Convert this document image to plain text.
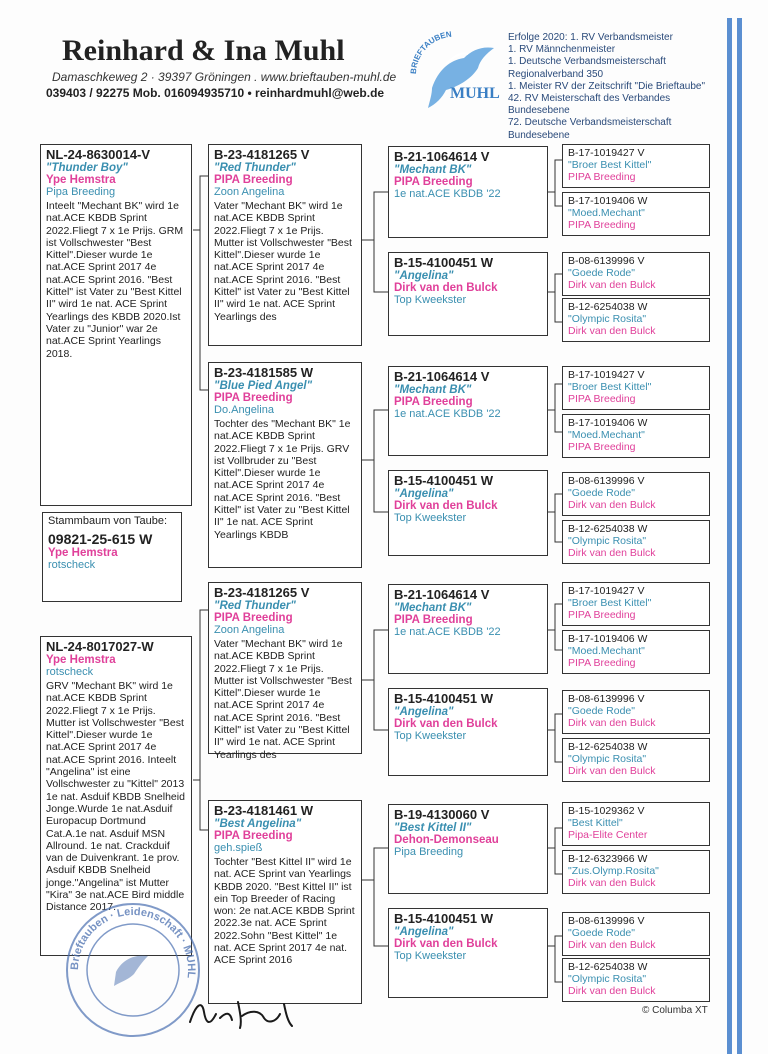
Reinhard & Ina Muhl
Damaschkeweg 2 · 39397 Gröningen . www.brieftauben-muhl.de
039403 / 92275 Mob. 016094935710 • reinhardmuhl@web.de
BRIEFTAUBEN
MUHL
Erfolge 2020: 1. RV Verbandsmeister
1. RV Männchenmeister
1. Deutsche Verbandsmeisterschaft
Regionalverband 350
1. Meister RV der Zeitschrift "Die Brieftaube"
42. RV Meisterschaft des Verbandes
Bundesebene
72. Deutsche Verbandsmeisterschaft
Bundesebene
NL-24-8630014-V
"Thunder Boy"
Ype Hemstra
Pipa Breeding
Inteelt "Mechant BK" wird 1e nat.ACE KBDB Sprint 2022.Fliegt 7 x 1e Prijs. GRM ist Vollschwester "Best Kittel".Dieser wurde 1e nat.ACE Sprint 2017 4e nat.ACE Sprint 2016. "Best Kittel" ist Vater zu "Best Kittel II" wird 1e nat. ACE Sprint Yearlings des KBDB 2020.Ist Vater zu "Junior" war 2e nat.ACE Sprint Yearlings 2018.
Stammbaum von Taube:
09821-25-615 W
Ype Hemstra
rotscheck
NL-24-8017027-W
Ype Hemstra
rotscheck
GRV "Mechant BK" wird 1e nat.ACE KBDB Sprint 2022.Fliegt 7 x 1e Prijs. Mutter ist Vollschwester "Best Kittel".Dieser wurde 1e nat.ACE Sprint 2017 4e nat.ACE Sprint 2016. Inteelt "Angelina" ist eine Vollschwester zu "Kittel" 2013 1e nat. Asduif KBDB Snelheid Jonge.Wurde 1e nat.Asduif Europacup Dortmund Cat.A.1e nat. Asduif MSN Allround. 1e nat. Crackduif van de Duivenkrant. 1e prov. Asduif KBDB Snelheid jonge."Angelina" ist Mutter "Kira" 3e nat.ACE Bird middle Distance 2017.
B-23-4181265 V
"Red Thunder"
PIPA Breeding
Zoon Angelina
Vater "Mechant BK" wird 1e nat.ACE KBDB Sprint 2022.Fliegt 7 x 1e Prijs. Mutter ist Vollschwester "Best Kittel".Dieser wurde 1e nat.ACE Sprint 2017 4e nat.ACE Sprint 2016. "Best Kittel" ist Vater zu "Best Kittel II" wird 1e nat. ACE Sprint Yearlings des
B-23-4181585 W
"Blue Pied Angel"
PIPA Breeding
Do.Angelina
Tochter des "Mechant BK" 1e nat.ACE KBDB Sprint 2022.Fliegt 7 x 1e Prijs. GRV ist Vollbruder zu "Best Kittel".Dieser wurde 1e nat.ACE Sprint 2017 4e nat.ACE Sprint 2016. "Best Kittel" ist Vater zu "Best Kittel II" 1e nat. ACE Sprint Yearlings KBDB
B-23-4181265 V
"Red Thunder"
PIPA Breeding
Zoon Angelina
Vater "Mechant BK" wird 1e nat.ACE KBDB Sprint 2022.Fliegt 7 x 1e Prijs. Mutter ist Vollschwester "Best Kittel".Dieser wurde 1e nat.ACE Sprint 2017 4e nat.ACE Sprint 2016. "Best Kittel" ist Vater zu "Best Kittel II" wird 1e nat. ACE Sprint Yearlings des
B-23-4181461 W
"Best Angelina"
PIPA Breeding
geh.spieß
Tochter "Best Kittel II" wird 1e nat. ACE Sprint van Yearlings KBDB 2020. "Best Kittel II" ist ein Top Breeder of Racing won: 2e nat.ACE KBDB Sprint 2022.3e nat. ACE Sprint 2022.Sohn "Best Kittel" 1e nat. ACE Sprint 2017 4e nat. ACE Sprint 2016
B-21-1064614 V
"Mechant BK"
PIPA Breeding
1e nat.ACE KBDB '22
B-15-4100451 W
"Angelina"
Dirk van den Bulck
Top Kweekster
B-21-1064614 V
"Mechant BK"
PIPA Breeding
1e nat.ACE KBDB '22
B-15-4100451 W
"Angelina"
Dirk van den Bulck
Top Kweekster
B-21-1064614 V
"Mechant BK"
PIPA Breeding
1e nat.ACE KBDB '22
B-15-4100451 W
"Angelina"
Dirk van den Bulck
Top Kweekster
B-19-4130060 V
"Best Kittel II"
Dehon-Demonseau
Pipa Breeding
B-15-4100451 W
"Angelina"
Dirk van den Bulck
Top Kweekster
B-17-1019427 V
"Broer Best Kittel"
PIPA Breeding
B-17-1019406 W
"Moed.Mechant"
PIPA Breeding
B-08-6139996 V
"Goede Rode"
Dirk van den Bulck
B-12-6254038 W
"Olympic Rosita"
Dirk van den Bulck
B-17-1019427 V
"Broer Best Kittel"
PIPA Breeding
B-17-1019406 W
"Moed.Mechant"
PIPA Breeding
B-08-6139996 V
"Goede Rode"
Dirk van den Bulck
B-12-6254038 W
"Olympic Rosita"
Dirk van den Bulck
B-17-1019427 V
"Broer Best Kittel"
PIPA Breeding
B-17-1019406 W
"Moed.Mechant"
PIPA Breeding
B-08-6139996 V
"Goede Rode"
Dirk van den Bulck
B-12-6254038 W
"Olympic Rosita"
Dirk van den Bulck
B-15-1029362 V
"Best Kittel"
Pipa-Elite Center
B-12-6323966 W
"Zus.Olymp.Rosita"
Dirk van den Bulck
B-08-6139996 V
"Goede Rode"
Dirk van den Bulck
B-12-6254038 W
"Olympic Rosita"
Dirk van den Bulck
Brieftauben · Leidenschaft · MUHL
© Columba XT
